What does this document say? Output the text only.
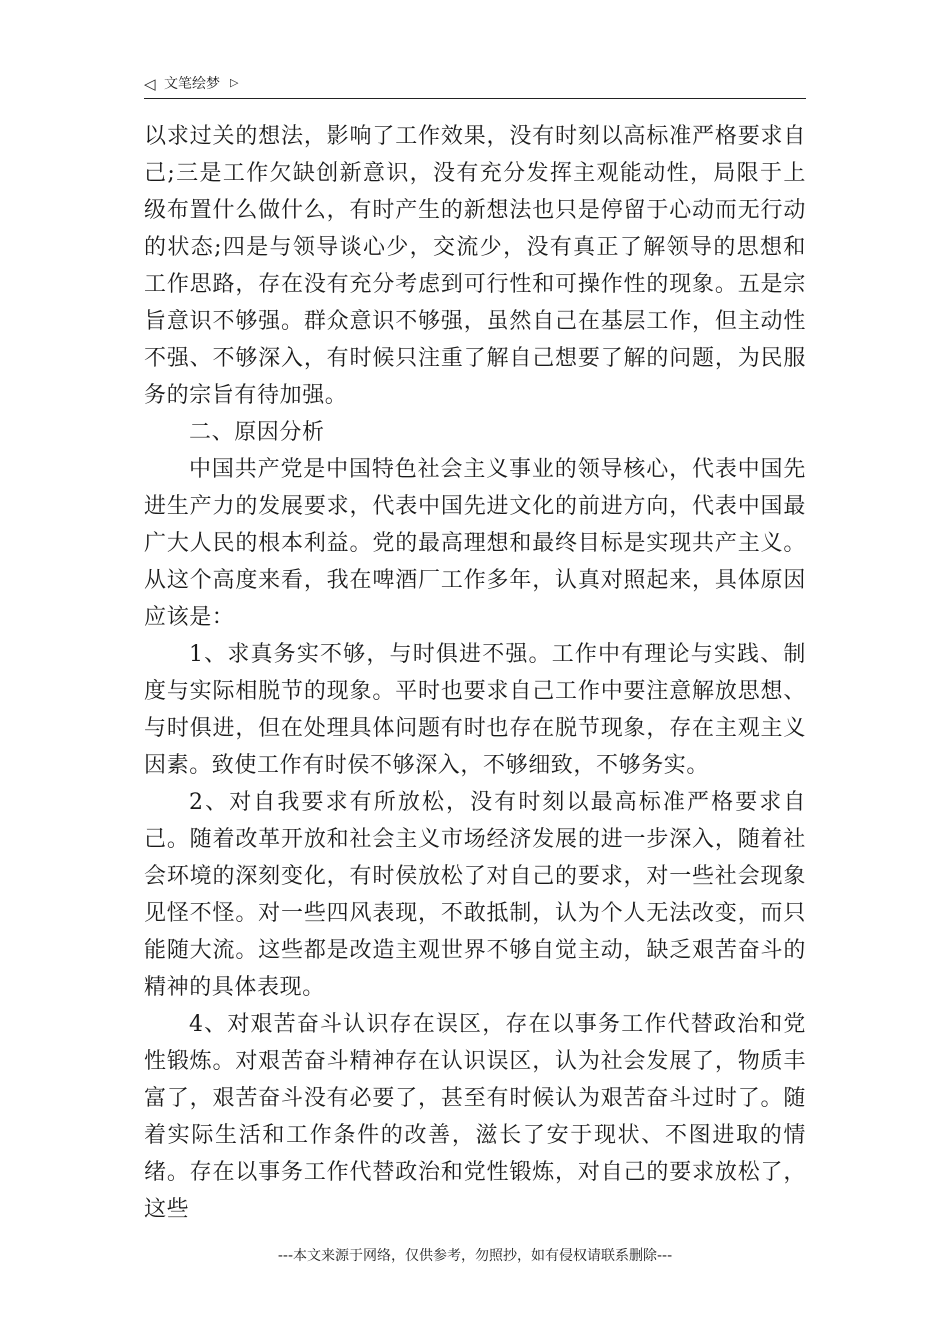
◁ 文笔绘梦 ▷

以求过关的想法，影响了工作效果，没有时刻以高标准严格要求自己;三是工作欠缺创新意识，没有充分发挥主观能动性，局限于上级布置什么做什么，有时产生的新想法也只是停留于心动而无行动的状态;四是与领导谈心少，交流少，没有真正了解领导的思想和工作思路，存在没有充分考虑到可行性和可操作性的现象。五是宗旨意识不够强。群众意识不够强，虽然自己在基层工作，但主动性不强、不够深入，有时候只注重了解自己想要了解的问题，为民服务的宗旨有待加强。

二、原因分析

中国共产党是中国特色社会主义事业的领导核心，代表中国先进生产力的发展要求，代表中国先进文化的前进方向，代表中国最广大人民的根本利益。党的最高理想和最终目标是实现共产主义。从这个高度来看，我在啤酒厂工作多年，认真对照起来，具体原因应该是：

1、求真务实不够，与时俱进不强。工作中有理论与实践、制度与实际相脱节的现象。平时也要求自己工作中要注意解放思想、与时俱进，但在处理具体问题有时也存在脱节现象，存在主观主义因素。致使工作有时侯不够深入，不够细致，不够务实。

2、对自我要求有所放松，没有时刻以最高标准严格要求自己。随着改革开放和社会主义市场经济发展的进一步深入，随着社会环境的深刻变化，有时侯放松了对自己的要求，对一些社会现象见怪不怪。对一些四风表现，不敢抵制，认为个人无法改变，而只能随大流。这些都是改造主观世界不够自觉主动，缺乏艰苦奋斗的精神的具体表现。

4、对艰苦奋斗认识存在误区，存在以事务工作代替政治和党性锻炼。对艰苦奋斗精神存在认识误区，认为社会发展了，物质丰富了，艰苦奋斗没有必要了，甚至有时候认为艰苦奋斗过时了。随着实际生活和工作条件的改善，滋长了安于现状、不图进取的情绪。存在以事务工作代替政治和党性锻炼，对自己的要求放松了，这些

---本文来源于网络，仅供参考，勿照抄，如有侵权请联系删除---
